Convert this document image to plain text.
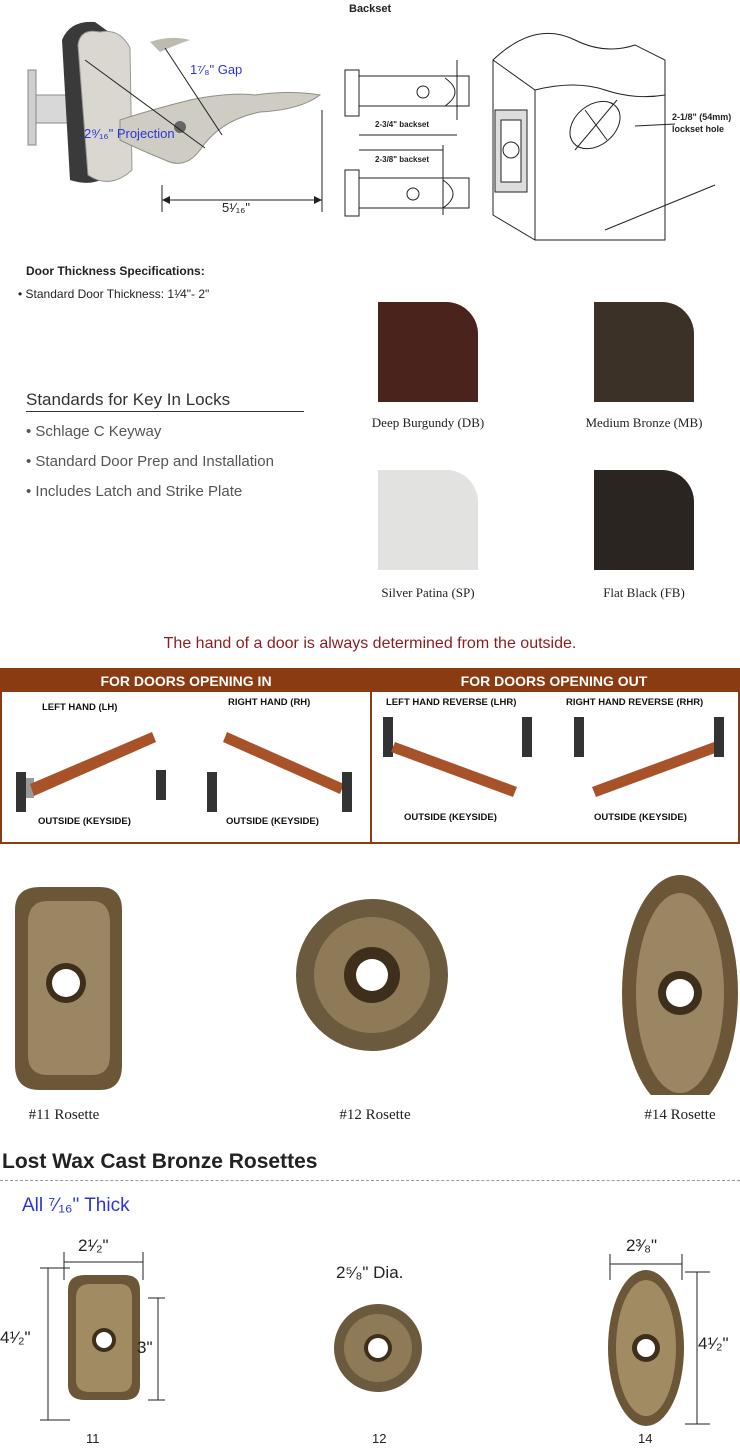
1⁷⁄₈" Gap
2⁹⁄₁₆" Projection
5¹⁄₁₆"
Backset
2-3/4" backset
2-3/8" backset
2-1/8" (54mm)
lockset hole
Door Thickness Specifications:
• Standard Door Thickness: 1¹⁄4"- 2"
Standards for Key In Locks
• Schlage C Keyway
• Standard Door Prep and Installation
• Includes Latch and Strike Plate
Deep Burgundy (DB)	Medium Bronze (MB)
Silver Patina (SP)	Flat Black (FB)
The hand of a door is always determined from the outside.
FOR DOORS OPENING IN	FOR DOORS OPENING OUT
LEFT HAND (LH)	RIGHT HAND (RH)	LEFT HAND REVERSE (LHR)	RIGHT HAND REVERSE (RHR)
OUTSIDE (KEYSIDE)	OUTSIDE (KEYSIDE)	OUTSIDE (KEYSIDE)	OUTSIDE (KEYSIDE)
#11 Rosette	#12 Rosette	#14 Rosette
Lost Wax Cast Bronze Rosettes
All ⁷⁄₁₆" Thick
2¹⁄₂"
4¹⁄₂"
3"
2⁵⁄₈" Dia.
2³⁄₈"
4¹⁄₂"
11	12	14
